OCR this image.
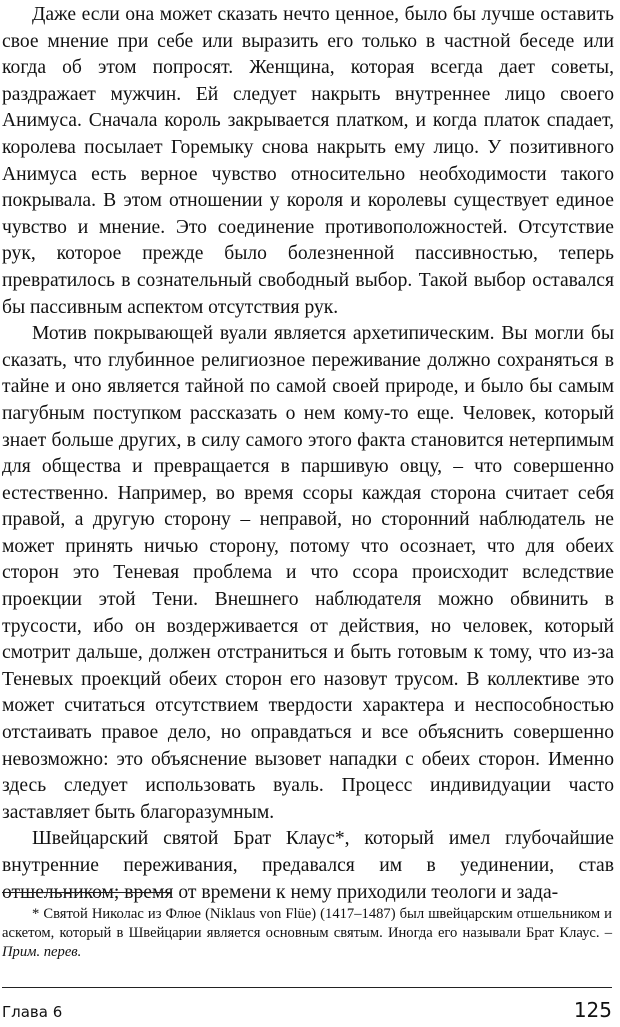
Даже если она может сказать нечто ценное, было бы лучше оставить свое мнение при себе или выразить его только в частной беседе или когда об этом попросят. Женщина, которая всегда дает советы, раздражает мужчин. Ей следует накрыть внутреннее лицо своего Анимуса. Сначала король закрывается платком, и когда платок спадает, королева посылает Горемыку снова накрыть ему лицо. У позитивного Анимуса есть верное чувство относительно необходимости такого покрывала. В этом отношении у короля и королевы существует единое чувство и мнение. Это соединение противоположностей. Отсутствие рук, которое прежде было болезненной пассивностью, теперь превратилось в сознательный свободный выбор. Такой выбор оставался бы пассивным аспектом отсутствия рук.

Мотив покрывающей вуали является архетипическим. Вы могли бы сказать, что глубинное религиозное переживание должно сохраняться в тайне и оно является тайной по самой своей природе, и было бы самым пагубным поступком рассказать о нем кому-то еще. Человек, который знает больше других, в силу самого этого факта становится нетерпимым для общества и превращается в паршивую овцу, – что совершенно естественно. Например, во время ссоры каждая сторона считает себя правой, а другую сторону – неправой, но сторонний наблюдатель не может принять ничью сторону, потому что осознает, что для обеих сторон это Теневая проблема и что ссора происходит вследствие проекции этой Тени. Внешнего наблюдателя можно обвинить в трусости, ибо он воздерживается от действия, но человек, который смотрит дальше, должен отстраниться и быть готовым к тому, что из-за Теневых проекций обеих сторон его назовут трусом. В коллективе это может считаться отсутствием твердости характера и неспособностью отстаивать правое дело, но оправдаться и все объяснить совершенно невозможно: это объяснение вызовет нападки с обеих сторон. Именно здесь следует использовать вуаль. Процесс индивидуации часто заставляет быть благоразумным.

Швейцарский святой Брат Клаус*, который имел глубочайшие внутренние переживания, предавался им в уединении, став отшельником; время от времени к нему приходили теологи и зада-

* Святой Николас из Флюе (Niklaus von Flüe) (1417–1487) был швейцарским отшельником и аскетом, который в Швейцарии является основным святым. Иногда его называли Брат Клаус. – Прим. перев.

Глава 6	125
